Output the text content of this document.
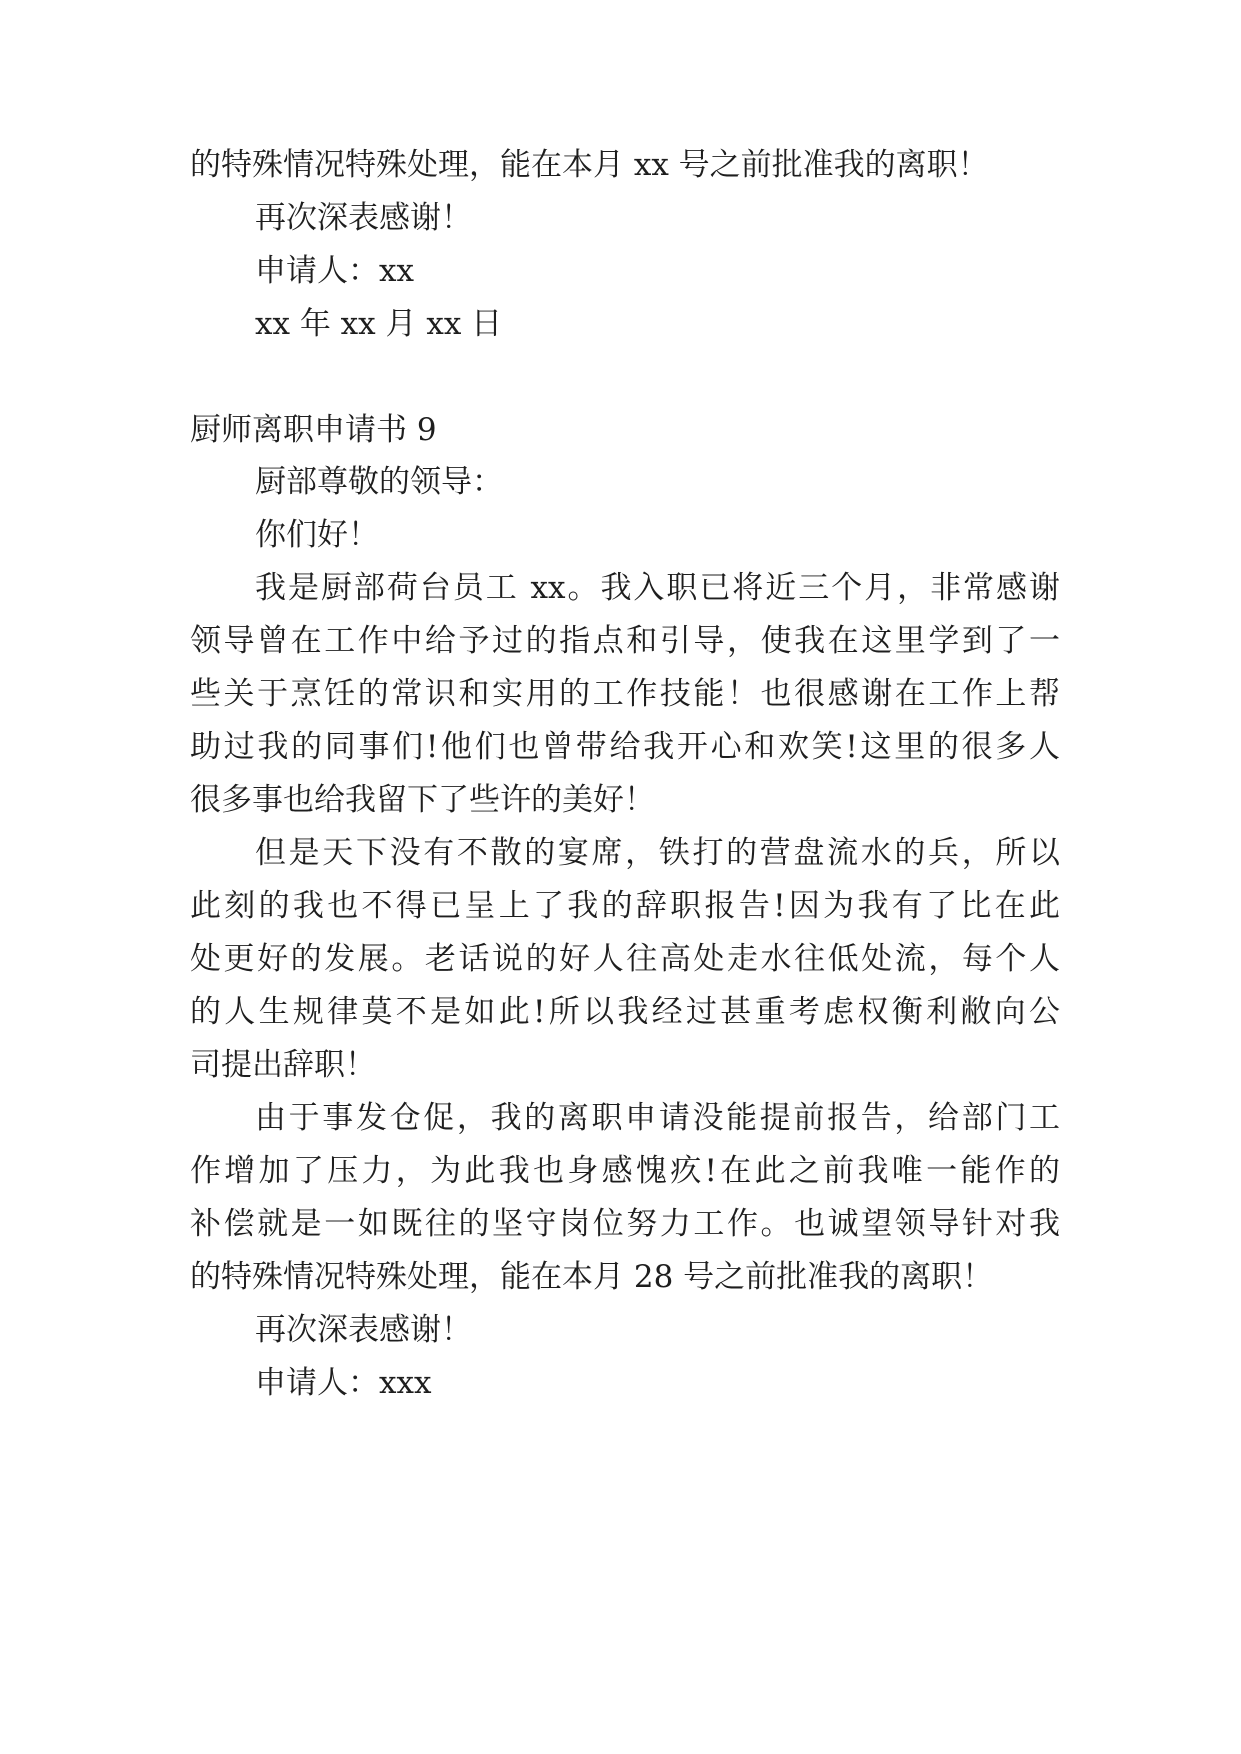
的特殊情况特殊处理，能在本月 xx 号之前批准我的离职！

再次深表感谢！

申请人：xx

xx 年 xx 月 xx 日

厨师离职申请书 9

厨部尊敬的领导：

你们好！

我是厨部荷台员工 xx。我入职已将近三个月，非常感谢

领导曾在工作中给予过的指点和引导，使我在这里学到了一

些关于烹饪的常识和实用的工作技能！也很感谢在工作上帮

助过我的同事们!他们也曾带给我开心和欢笑!这里的很多人

很多事也给我留下了些许的美好！

但是天下没有不散的宴席，铁打的营盘流水的兵，所以

此刻的我也不得已呈上了我的辞职报告!因为我有了比在此

处更好的发展。老话说的好人往高处走水往低处流，每个人

的人生规律莫不是如此!所以我经过甚重考虑权衡利敝向公

司提出辞职！

由于事发仓促，我的离职申请没能提前报告，给部门工

作增加了压力，为此我也身感愧疚!在此之前我唯一能作的

补偿就是一如既往的坚守岗位努力工作。也诚望领导针对我

的特殊情况特殊处理，能在本月 28 号之前批准我的离职！

再次深表感谢！

申请人：xxx
